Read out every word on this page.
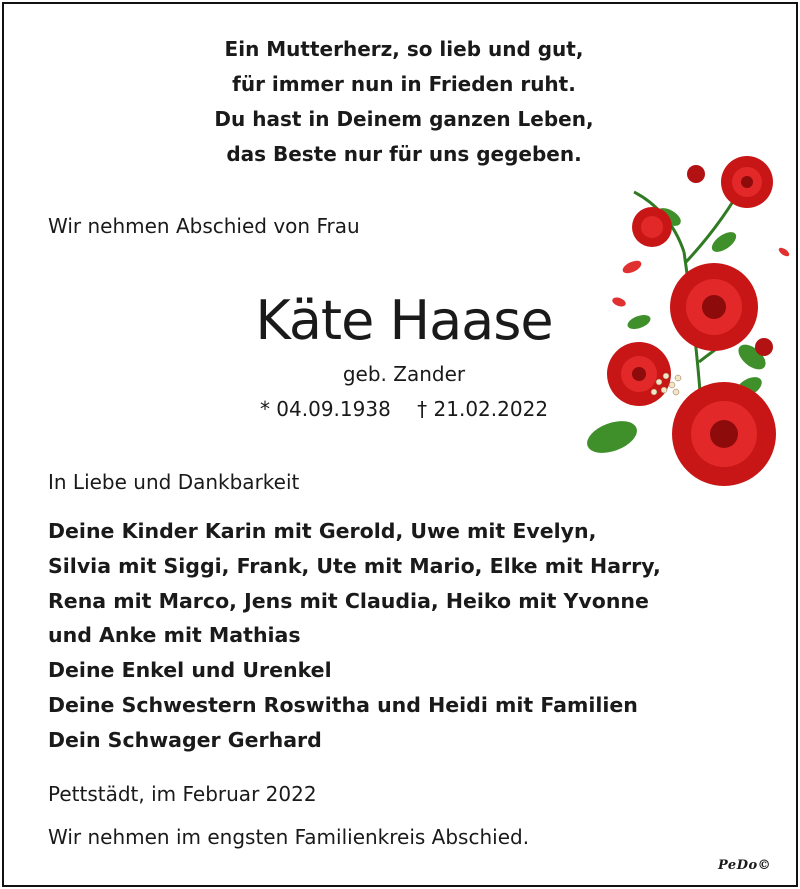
Ein Mutterherz, so lieb und gut,
für immer nun in Frieden ruht.
Du hast in Deinem ganzen Leben,
das Beste nur für uns gegeben.
Wir nehmen Abschied von Frau
Käte Haase
geb. Zander
* 04.09.1938 † 21.02.2022
In Liebe und Dankbarkeit
Deine Kinder Karin mit Gerold, Uwe mit Evelyn,
Silvia mit Siggi, Frank, Ute mit Mario, Elke mit Harry,
Rena mit Marco, Jens mit Claudia, Heiko mit Yvonne
und Anke mit Mathias
Deine Enkel und Urenkel
Deine Schwestern Roswitha und Heidi mit Familien
Dein Schwager Gerhard
Pettstädt, im Februar 2022
Wir nehmen im engsten Familienkreis Abschied.
PeDo©
